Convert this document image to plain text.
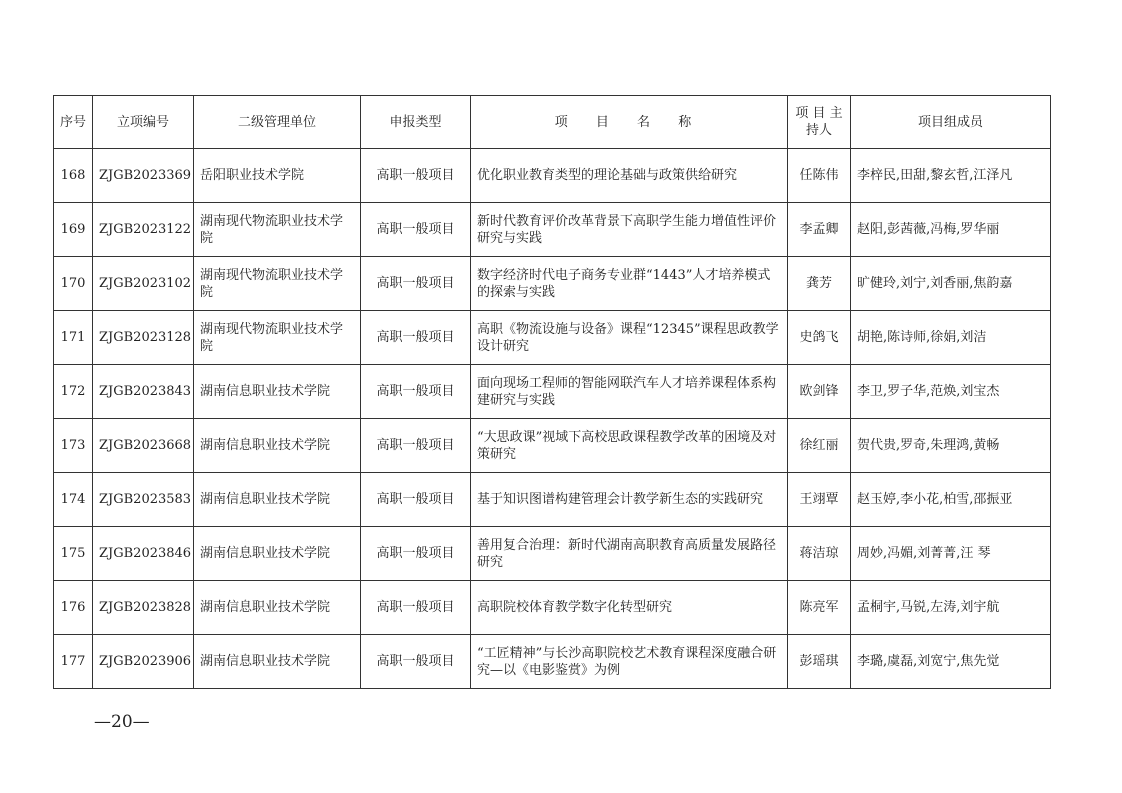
序号	立项编号	二级管理单位	申报类型	项 目 名 称	项 目 主持人	项目组成员
168	ZJGB2023369	岳阳职业技术学院	高职一般项目	优化职业教育类型的理论基础与政策供给研究	任陈伟	李梓民,田甜,黎玄哲,江泽凡
169	ZJGB2023122	湖南现代物流职业技术学院	高职一般项目	新时代教育评价改革背景下高职学生能力增值性评价研究与实践	李孟卿	赵阳,彭茜薇,冯梅,罗华丽
170	ZJGB2023102	湖南现代物流职业技术学院	高职一般项目	数字经济时代电子商务专业群“1443”人才培养模式的探索与实践	龚芳	旷健玲,刘宁,刘香丽,焦韵嘉
171	ZJGB2023128	湖南现代物流职业技术学院	高职一般项目	高职《物流设施与设备》课程“12345”课程思政教学设计研究	史鸽飞	胡艳,陈诗师,徐娟,刘洁
172	ZJGB2023843	湖南信息职业技术学院	高职一般项目	面向现场工程师的智能网联汽车人才培养课程体系构建研究与实践	欧剑锋	李卫,罗子华,范焕,刘宝杰
173	ZJGB2023668	湖南信息职业技术学院	高职一般项目	“大思政课”视域下高校思政课程教学改革的困境及对策研究	徐红丽	贺代贵,罗奇,朱理鸿,黄畅
174	ZJGB2023583	湖南信息职业技术学院	高职一般项目	基于知识图谱构建管理会计教学新生态的实践研究	王翊覃	赵玉婷,李小花,柏雪,邵振亚
175	ZJGB2023846	湖南信息职业技术学院	高职一般项目	善用复合治理：新时代湖南高职教育高质量发展路径研究	蒋洁琼	周妙,冯媚,刘菁菁,汪 琴
176	ZJGB2023828	湖南信息职业技术学院	高职一般项目	高职院校体育教学数字化转型研究	陈亮军	孟桐宇,马锐,左涛,刘宇航
177	ZJGB2023906	湖南信息职业技术学院	高职一般项目	“工匠精神”与长沙高职院校艺术教育课程深度融合研究—以《电影鉴赏》为例	彭瑶琪	李璐,虞磊,刘宽宁,焦先觉
—20—
